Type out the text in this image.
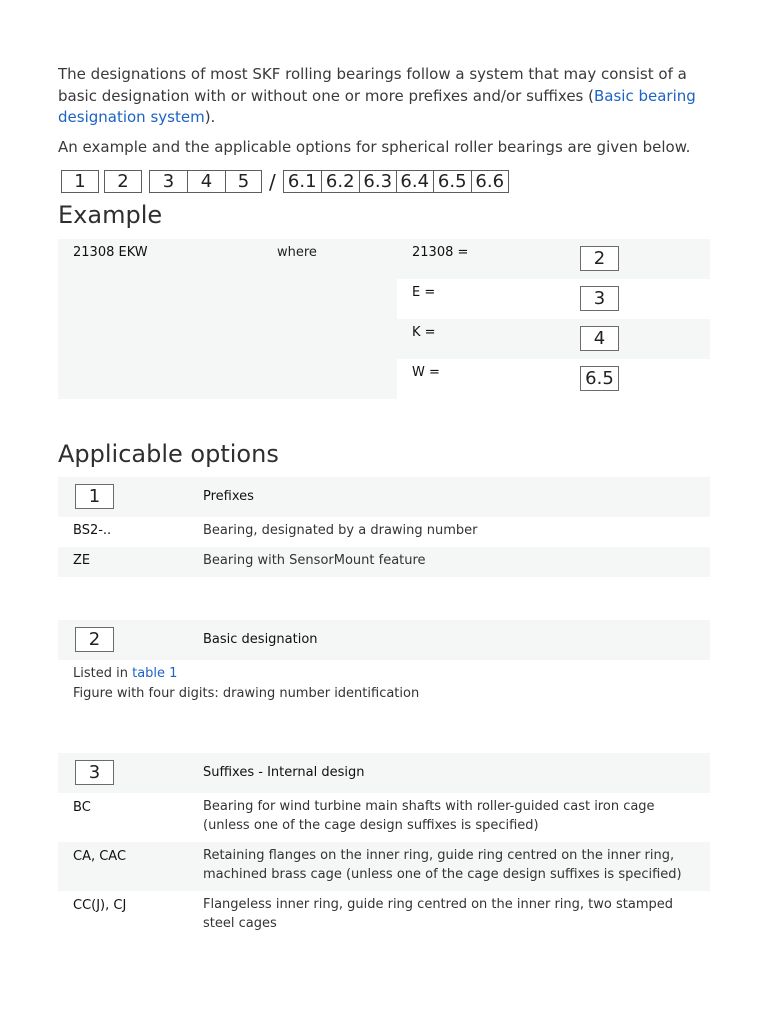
The designations of most SKF rolling bearings follow a system that may consist of a basic designation with or without one or more prefixes and/or suffixes (Basic bearing designation system).

An example and the applicable options for spherical roller bearings are given below.

1	2	3	4	5 / 6.1 6.2 6.3 6.4 6.5 6.6
Example
21308 EKW	where	21308 =	2
E =	3
K =	4
W =	6.5
Applicable options
1	Prefixes
BS2-..	Bearing, designated by a drawing number
ZE	Bearing with SensorMount feature
2	Basic designation
Listed in table 1
Figure with four digits: drawing number identification
3	Suffixes - Internal design
BC	Bearing for wind turbine main shafts with roller-guided cast iron cage (unless one of the cage design suffixes is specified)
CA, CAC	Retaining flanges on the inner ring, guide ring centred on the inner ring, machined brass cage (unless one of the cage design suffixes is specified)
CC(J), CJ	Flangeless inner ring, guide ring centred on the inner ring, two stamped steel cages
